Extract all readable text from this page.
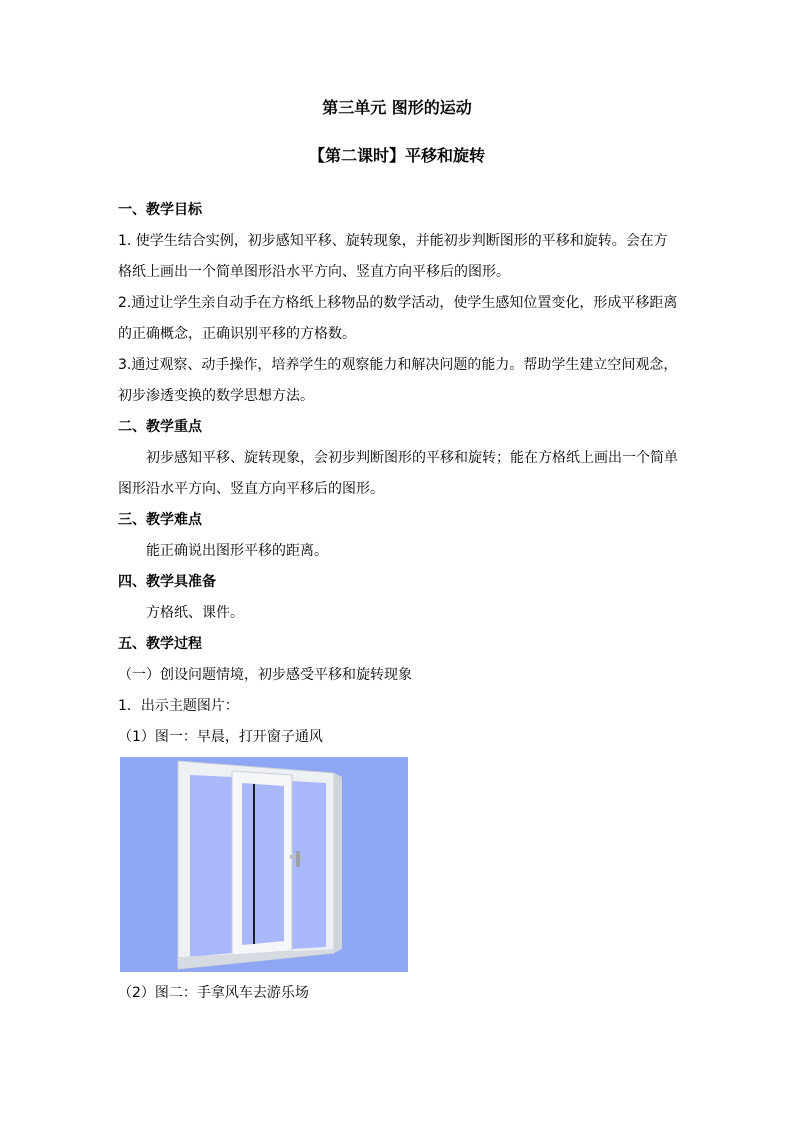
第三单元 图形的运动
【第二课时】平移和旋转

一、教学目标

1. 使学生结合实例，初步感知平移、旋转现象，并能初步判断图形的平移和旋转。会在方格纸上画出一个简单图形沿水平方向、竖直方向平移后的图形。

2.通过让学生亲自动手在方格纸上移物品的数学活动，使学生感知位置变化，形成平移距离的正确概念，正确识别平移的方格数。

3.通过观察、动手操作，培养学生的观察能力和解决问题的能力。帮助学生建立空间观念，初步渗透变换的数学思想方法。

二、教学重点

初步感知平移、旋转现象，会初步判断图形的平移和旋转；能在方格纸上画出一个简单图形沿水平方向、竖直方向平移后的图形。

三、教学难点

能正确说出图形平移的距离。

四、教学具准备

方格纸、课件。

五、教学过程

（一）创设问题情境，初步感受平移和旋转现象

1．出示主题图片：

（1）图一：早晨，打开窗子通风

（2）图二：手拿风车去游乐场
